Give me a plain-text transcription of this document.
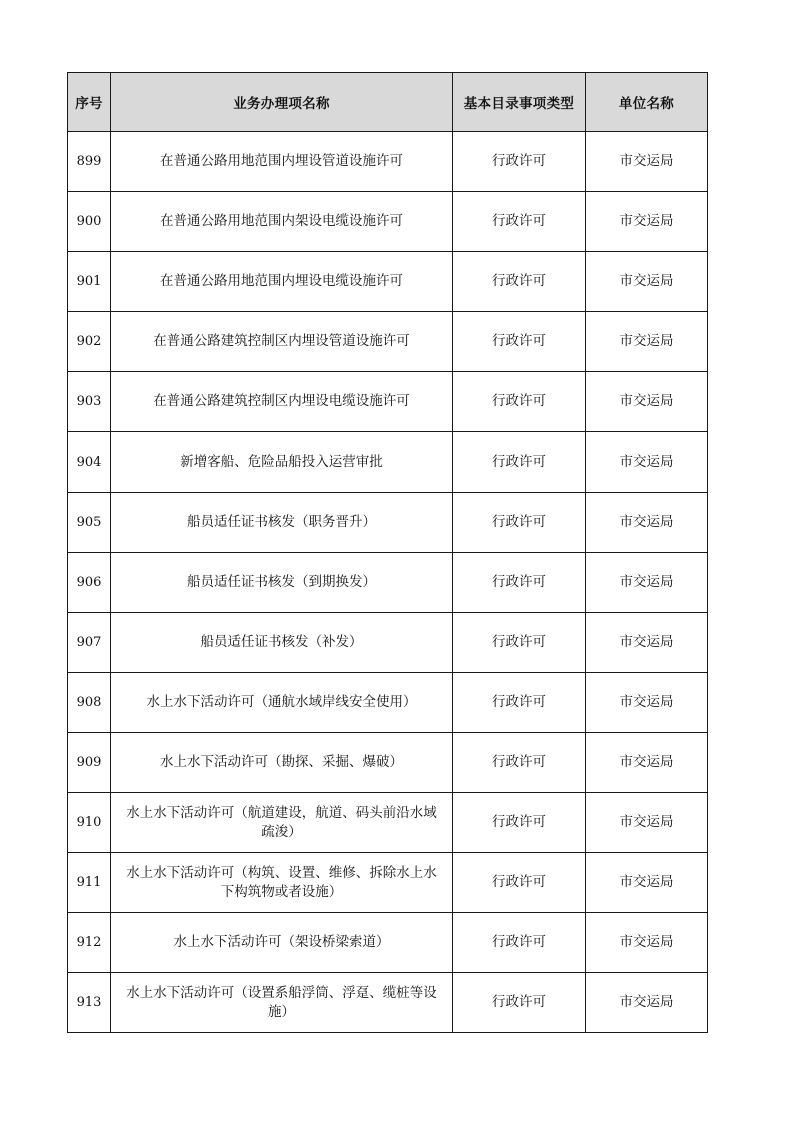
序号	业务办理项名称	基本目录事项类型	单位名称
899	在普通公路用地范围内埋设管道设施许可	行政许可	市交运局
900	在普通公路用地范围内架设电缆设施许可	行政许可	市交运局
901	在普通公路用地范围内埋设电缆设施许可	行政许可	市交运局
902	在普通公路建筑控制区内埋设管道设施许可	行政许可	市交运局
903	在普通公路建筑控制区内埋设电缆设施许可	行政许可	市交运局
904	新增客船、危险品船投入运营审批	行政许可	市交运局
905	船员适任证书核发（职务晋升）	行政许可	市交运局
906	船员适任证书核发（到期换发）	行政许可	市交运局
907	船员适任证书核发（补发）	行政许可	市交运局
908	水上水下活动许可（通航水域岸线安全使用）	行政许可	市交运局
909	水上水下活动许可（勘探、采掘、爆破）	行政许可	市交运局
910	水上水下活动许可（航道建设，航道、码头前沿水域疏浚）	行政许可	市交运局
911	水上水下活动许可（构筑、设置、维修、拆除水上水下构筑物或者设施）	行政许可	市交运局
912	水上水下活动许可（架设桥梁索道）	行政许可	市交运局
913	水上水下活动许可（设置系船浮筒、浮趸、缆桩等设施）	行政许可	市交运局
